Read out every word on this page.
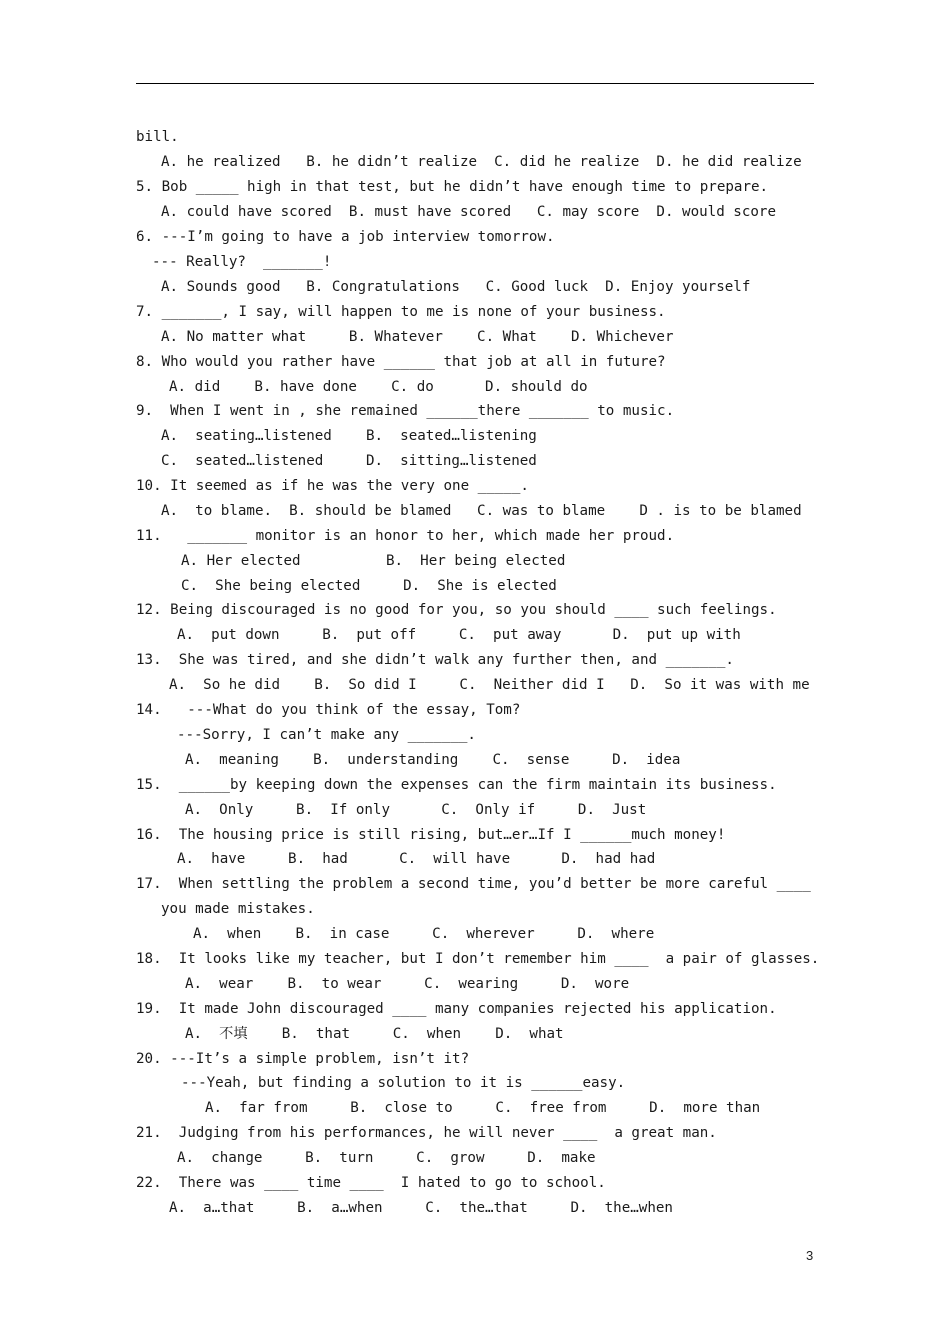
bill.
A. he realized   B. he didn’t realize  C. did he realize  D. he did realize
5. Bob _____ high in that test, but he didn’t have enough time to prepare.
A. could have scored  B. must have scored   C. may score  D. would score
6. ---I’m going to have a job interview tomorrow.
--- Really?  _______!
A. Sounds good   B. Congratulations   C. Good luck  D. Enjoy yourself
7. _______, I say, will happen to me is none of your business.
A. No matter what     B. Whatever    C. What    D. Whichever
8. Who would you rather have ______ that job at all in future?
A. did    B. have done    C. do      D. should do
9.  When I went in , she remained ______there _______ to music.
A.  seating…listened    B.  seated…listening
C.  seated…listened     D.  sitting…listened
10. It seemed as if he was the very one _____.
A.  to blame.  B. should be blamed   C. was to blame    D . is to be blamed
11.   _______ monitor is an honor to her, which made her proud.
A. Her elected          B.  Her being elected
C.  She being elected     D.  She is elected
12. Being discouraged is no good for you, so you should ____ such feelings.
A.  put down     B.  put off     C.  put away      D.  put up with
13.  She was tired, and she didn’t walk any further then, and _______.
A.  So he did    B.  So did I     C.  Neither did I   D.  So it was with me
14.   ---What do you think of the essay, Tom?
---Sorry, I can’t make any _______.
A.  meaning    B.  understanding    C.  sense     D.  idea
15.  ______by keeping down the expenses can the firm maintain its business.
A.  Only     B.  If only      C.  Only if     D.  Just
16.  The housing price is still rising, but…er…If I ______much money!
A.  have     B.  had      C.  will have      D.  had had
17.  When settling the problem a second time, you’d better be more careful ____
you made mistakes.
A.  when    B.  in case     C.  wherever     D.  where
18.  It looks like my teacher, but I don’t remember him ____  a pair of glasses.
A.  wear    B.  to wear     C.  wearing     D.  wore
19.  It made John discouraged ____ many companies rejected his application.
A.  不填    B.  that     C.  when    D.  what
20. ---It’s a simple problem, isn’t it?
---Yeah, but finding a solution to it is ______easy.
A.  far from     B.  close to     C.  free from     D.  more than
21.  Judging from his performances, he will never ____  a great man.
A.  change     B.  turn     C.  grow     D.  make
22.  There was ____ time ____  I hated to go to school.
A.  a…that     B.  a…when     C.  the…that     D.  the…when
3
